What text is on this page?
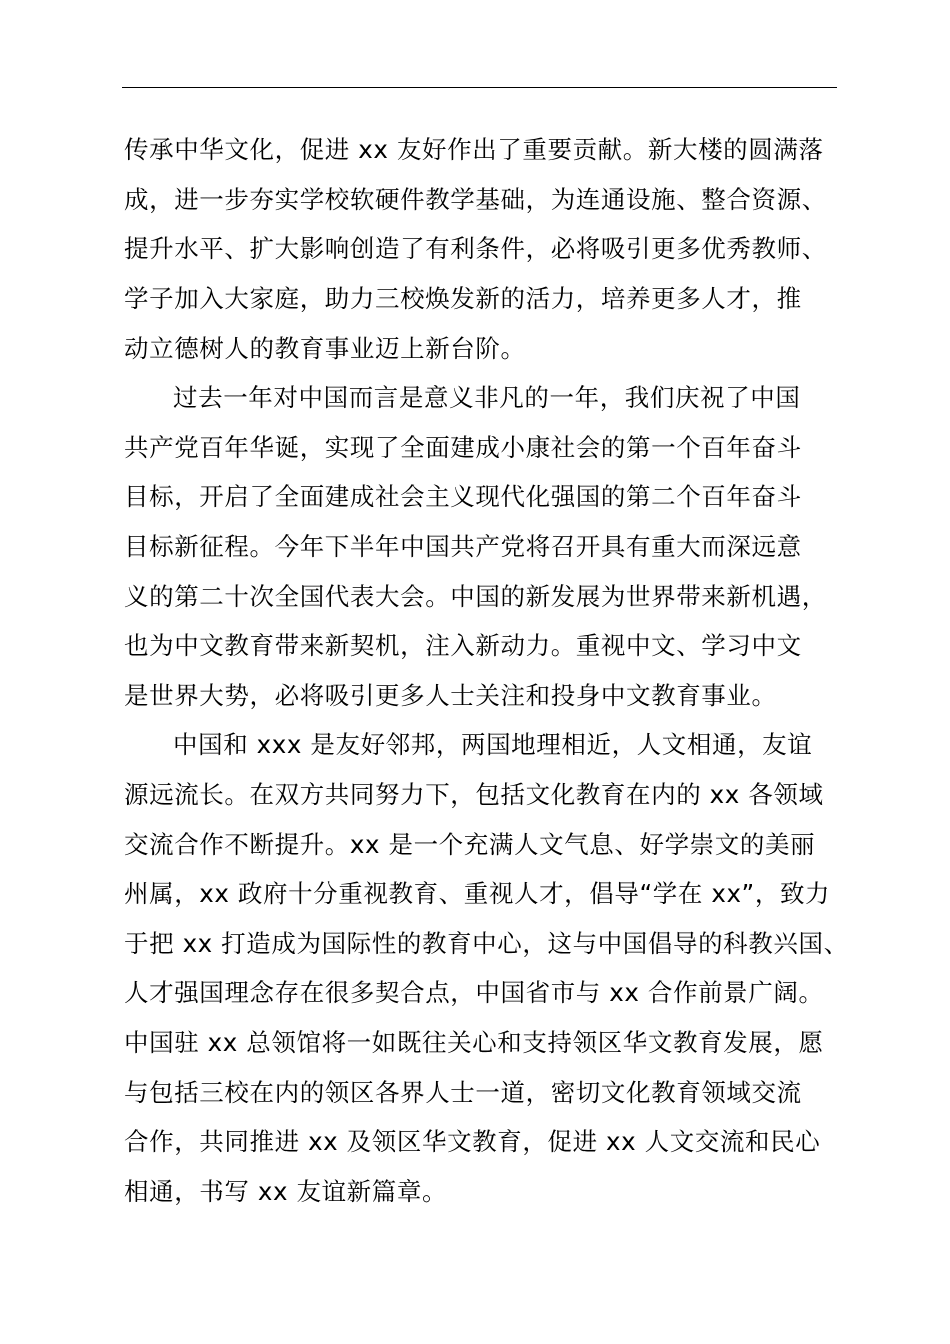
传承中华文化，促进 xx 友好作出了重要贡献。新大楼的圆满落
成，进一步夯实学校软硬件教学基础，为连通设施、整合资源、
提升水平、扩大影响创造了有利条件，必将吸引更多优秀教师、
学子加入大家庭，助力三校焕发新的活力，培养更多人才，推
动立德树人的教育事业迈上新台阶。
过去一年对中国而言是意义非凡的一年，我们庆祝了中国
共产党百年华诞，实现了全面建成小康社会的第一个百年奋斗
目标，开启了全面建成社会主义现代化强国的第二个百年奋斗
目标新征程。今年下半年中国共产党将召开具有重大而深远意
义的第二十次全国代表大会。中国的新发展为世界带来新机遇，
也为中文教育带来新契机，注入新动力。重视中文、学习中文
是世界大势，必将吸引更多人士关注和投身中文教育事业。
中国和 xxx 是友好邻邦，两国地理相近，人文相通，友谊
源远流长。在双方共同努力下，包括文化教育在内的 xx 各领域
交流合作不断提升。xx 是一个充满人文气息、好学崇文的美丽
州属，xx 政府十分重视教育、重视人才，倡导“学在 xx”，致力
于把 xx 打造成为国际性的教育中心，这与中国倡导的科教兴国、
人才强国理念存在很多契合点，中国省市与 xx 合作前景广阔。
中国驻 xx 总领馆将一如既往关心和支持领区华文教育发展，愿
与包括三校在内的领区各界人士一道，密切文化教育领域交流
合作，共同推进 xx 及领区华文教育，促进 xx 人文交流和民心
相通，书写 xx 友谊新篇章。
